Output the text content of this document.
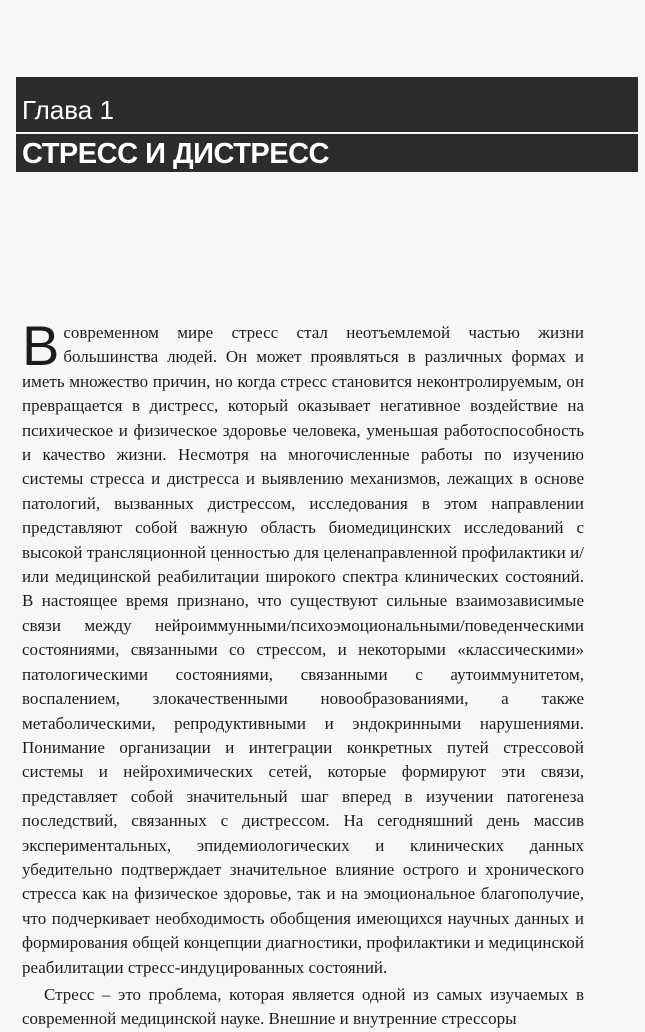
Глава 1
СТРЕСС И ДИСТРЕСС

Всовременном мире стресс стал неотъемлемой частью жизни большинства людей. Он может проявляться в различных формах и иметь множество причин, но когда стресс становится неконтролируемым, он превращается в дистресс, который оказывает негативное воздействие на психическое и физическое здоровье человека, уменьшая работоспособность и качество жизни. Несмотря на многочисленные работы по изучению системы стресса и дистресса и выявлению механизмов, лежащих в основе патологий, вызванных дистрессом, исследования в этом направлении представляют собой важную область биомедицинских исследований с высокой трансляционной ценностью для целенаправленной профилактики и/или медицинской реабилитации широкого спектра клинических состояний. В настоящее время признано, что существуют сильные взаимозависимые связи между нейроиммунными/психоэмоциональными/поведенческими состояниями, связанными со стрессом, и некоторыми «классическими» патологическими состояниями, связанными с аутоиммунитетом, воспалением, злокачественными новообразованиями, а также метаболическими, репродуктивными и эндокринными нарушениями. Понимание организации и интеграции конкретных путей стрессовой системы и нейрохимических сетей, которые формируют эти связи, представляет собой значительный шаг вперед в изучении патогенеза последствий, связанных с дистрессом. На сегодняшний день массив экспериментальных, эпидемиологических и клинических данных убедительно подтверждает значительное влияние острого и хронического стресса как на физическое здоровье, так и на эмоциональное благополучие, что подчеркивает необходимость обобщения имеющихся научных данных и формирования общей концепции диагностики, профилактики и медицинской реабилитации стресс-индуцированных состояний.

Стресс – это проблема, которая является одной из самых изучаемых в современной медицинской науке. Внешние и внутренние стрессоры
